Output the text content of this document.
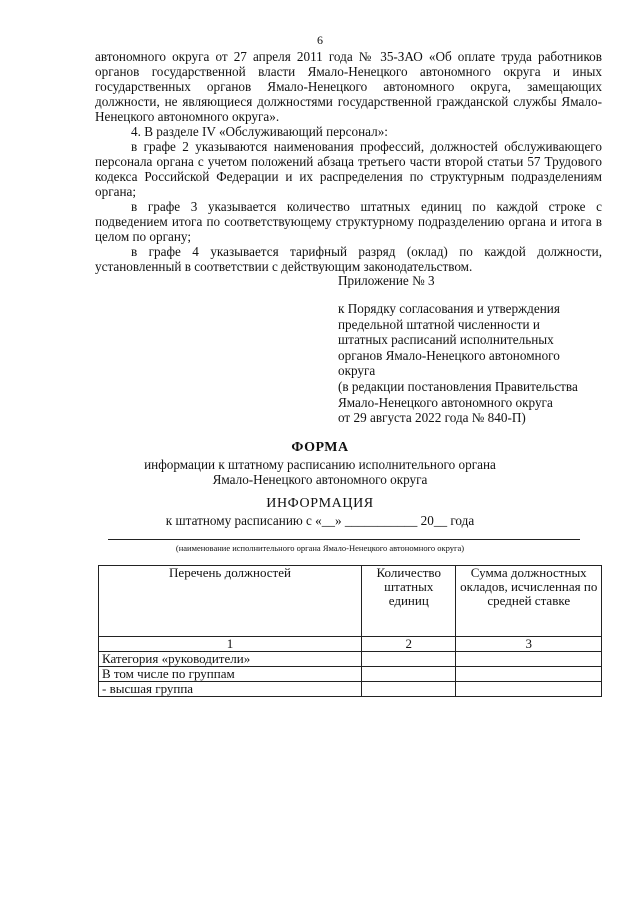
6

автономного округа от 27 апреля 2011 года № 35-ЗАО «Об оплате труда работников органов государственной власти Ямало-Ненецкого автономного округа и иных государственных органов Ямало-Ненецкого автономного округа, замещающих должности, не являющиеся должностями государственной гражданской службы Ямало-Ненецкого автономного округа».

4. В разделе IV «Обслуживающий персонал»:

в графе 2 указываются наименования профессий, должностей обслуживающего персонала органа с учетом положений абзаца третьего части второй статьи 57 Трудового кодекса Российской Федерации и их распределения по структурным подразделениям органа;

в графе 3 указывается количество штатных единиц по каждой строке с подведением итога по соответствующему структурному подразделению органа и итога в целом по органу;

в графе 4 указывается тарифный разряд (оклад) по каждой должности, установленный в соответствии с действующим законодательством.

Приложение № 3
к Порядку согласования и утверждения
предельной штатной численности и
штатных расписаний исполнительных
органов Ямало-Ненецкого автономного
округа
(в редакции постановления Правительства
Ямало-Ненецкого автономного округа
от 29 августа 2022 года № 840-П)
ФОРМА
информации к штатному расписанию исполнительного органа
Ямало-Ненецкого автономного округа
ИНФОРМАЦИЯ
к штатному расписанию с «__» ___________ 20__ года
(наименование исполнительного органа Ямало-Ненецкого автономного округа)
Перечень должностей	Количество штатных единиц	Сумма должностных окладов, исчисленная по средней ставке
1	2	3
Категория «руководители»		
В том числе по группам		
- высшая группа		
